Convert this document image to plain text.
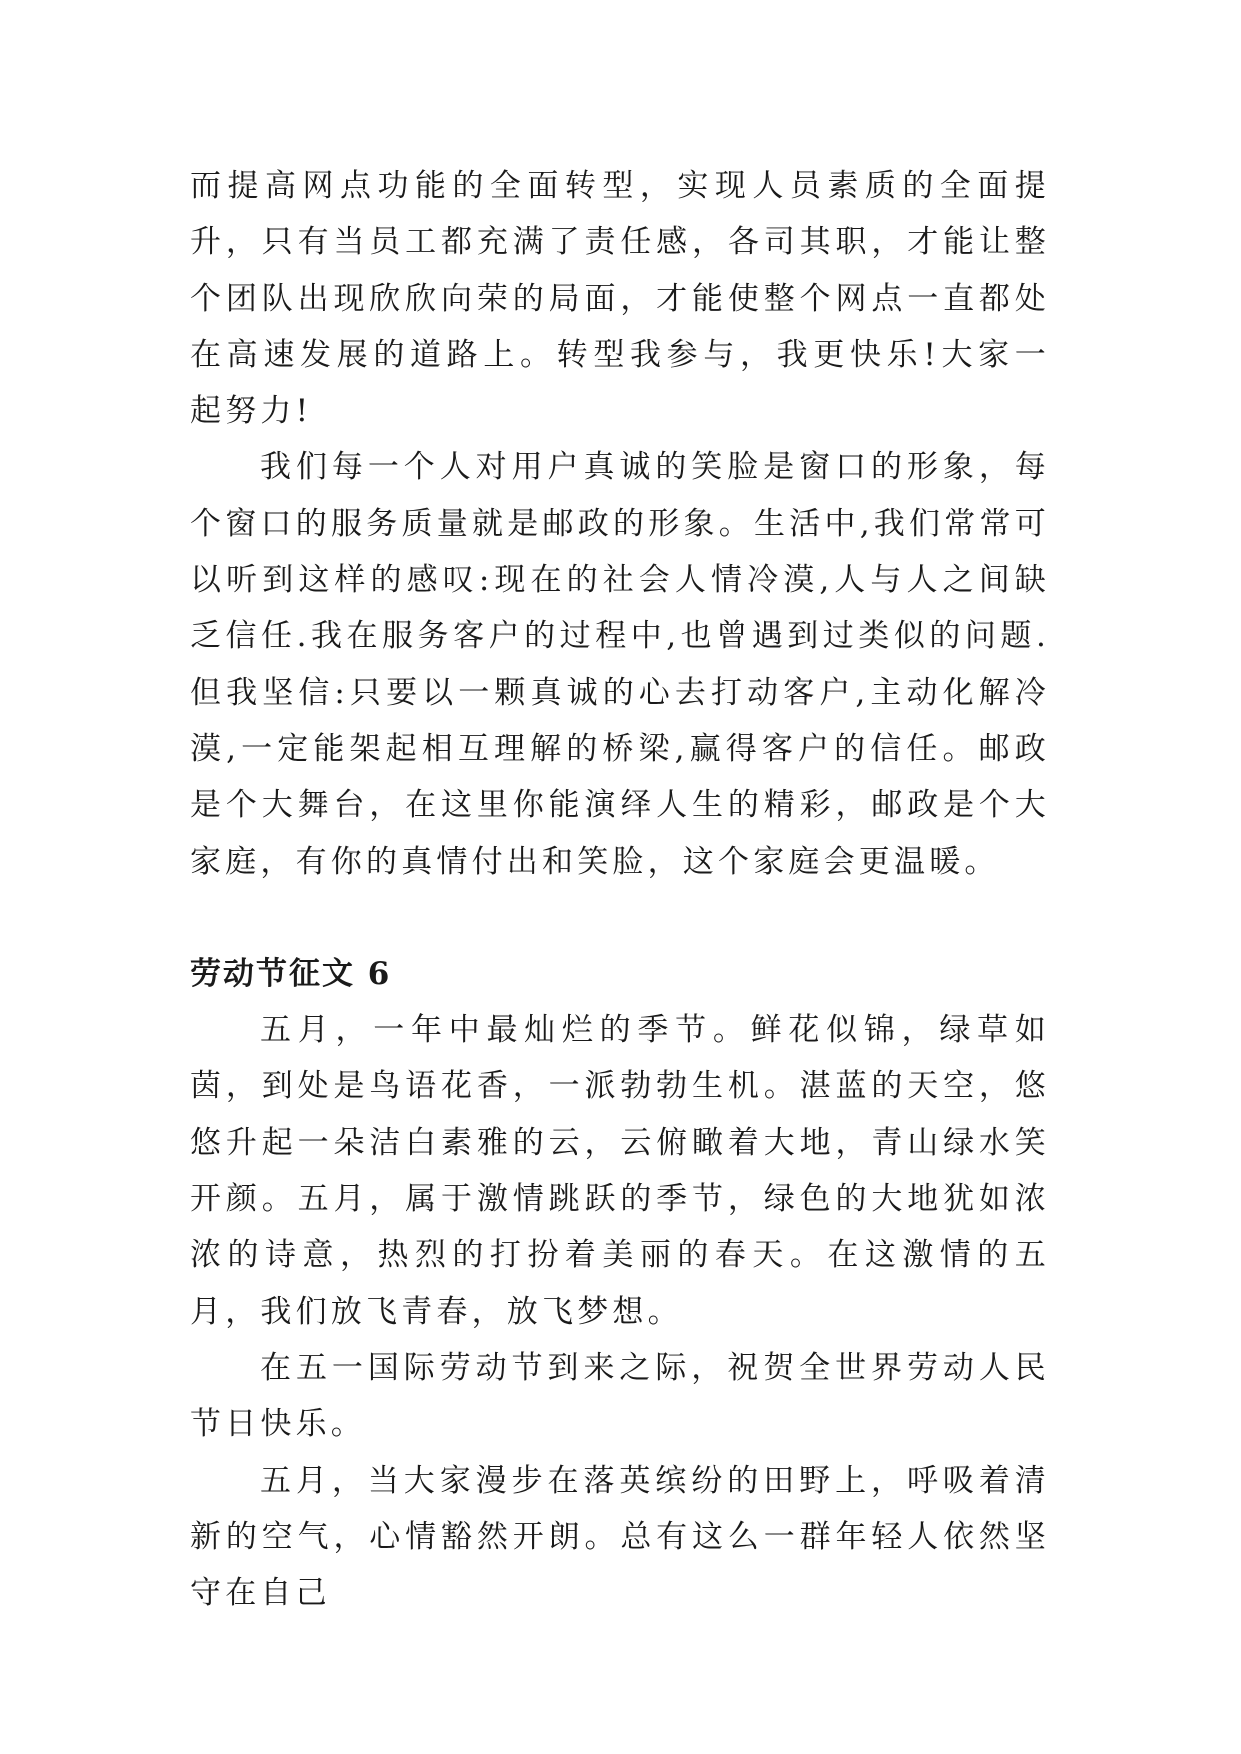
而提高网点功能的全面转型，实现人员素质的全面提升，只有当员工都充满了责任感，各司其职，才能让整个团队出现欣欣向荣的局面，才能使整个网点一直都处在高速发展的道路上。转型我参与，我更快乐!大家一起努力!

我们每一个人对用户真诚的笑脸是窗口的形象，每个窗口的服务质量就是邮政的形象。生活中,我们常常可以听到这样的感叹:现在的社会人情冷漠,人与人之间缺乏信任.我在服务客户的过程中,也曾遇到过类似的问题.但我坚信:只要以一颗真诚的心去打动客户,主动化解冷漠,一定能架起相互理解的桥梁,赢得客户的信任。邮政是个大舞台，在这里你能演绎人生的精彩，邮政是个大家庭，有你的真情付出和笑脸，这个家庭会更温暖。

劳动节征文 6

五月，一年中最灿烂的季节。鲜花似锦，绿草如茵，到处是鸟语花香，一派勃勃生机。湛蓝的天空，悠悠升起一朵洁白素雅的云，云俯瞰着大地，青山绿水笑开颜。五月，属于激情跳跃的季节，绿色的大地犹如浓浓的诗意，热烈的打扮着美丽的春天。在这激情的五月，我们放飞青春，放飞梦想。

在五一国际劳动节到来之际，祝贺全世界劳动人民节日快乐。

五月，当大家漫步在落英缤纷的田野上，呼吸着清新的空气，心情豁然开朗。总有这么一群年轻人依然坚守在自己
